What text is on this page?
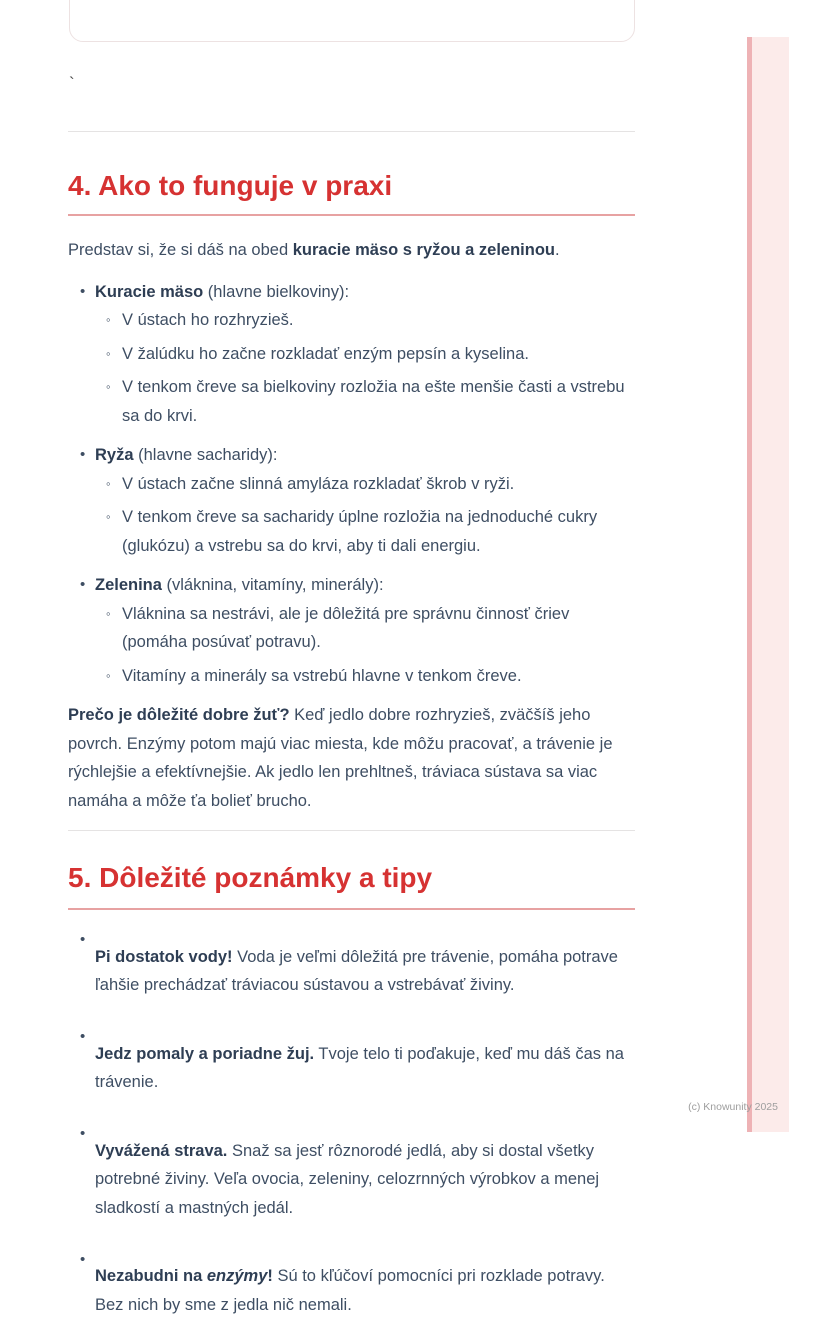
`
4. Ako to funguje v praxi

Predstav si, že si dáš na obed kuracie mäso s ryžou a zeleninou.

• Kuracie mäso (hlavne bielkoviny):

◦ V ústach ho rozhryzieš.

◦ V žalúdku ho začne rozkladať enzým pepsín a kyselina.

◦ V tenkom čreve sa bielkoviny rozložia na ešte menšie časti a vstrebu sa do krvi.

• Ryža (hlavne sacharidy):

◦ V ústach začne slinná amyláza rozkladať škrob v ryži.

◦ V tenkom čreve sa sacharidy úplne rozložia na jednoduché cukry (glukózu) a vstrebu sa do krvi, aby ti dali energiu.

• Zelenina (vláknina, vitamíny, minerály):

◦ Vláknina sa nestrávi, ale je dôležitá pre správnu činnosť čriev (pomáha posúvať potravu).

◦ Vitamíny a minerály sa vstrebú hlavne v tenkom čreve.

Prečo je dôležité dobre žuť? Keď jedlo dobre rozhryzieš, zväčšíš jeho povrch. Enzýmy potom majú viac miesta, kde môžu pracovať, a trávenie je rýchlejšie a efektívnejšie. Ak jedlo len prehltneš, tráviaca sústava sa viac namáha a môže ťa bolieť brucho.

5. Dôležité poznámky a tipy
•

Pi dostatok vody! Voda je veľmi dôležitá pre trávenie, pomáha potrave ľahšie prechádzať tráviacou sústavou a vstrebávať živiny.

•

Jedz pomaly a poriadne žuj. Tvoje telo ti poďakuje, keď mu dáš čas na trávenie.

•

Vyvážená strava. Snaž sa jesť rôznorodé jedlá, aby si dostal všetky potrebné živiny. Veľa ovocia, zeleniny, celozrnných výrobkov a menej sladkostí a mastných jedál.

•

Nezabudni na enzýmy! Sú to kľúčoví pomocníci pri rozklade potravy. Bez nich by sme z jedla nič nemali.

(c) Knowunity 2025
